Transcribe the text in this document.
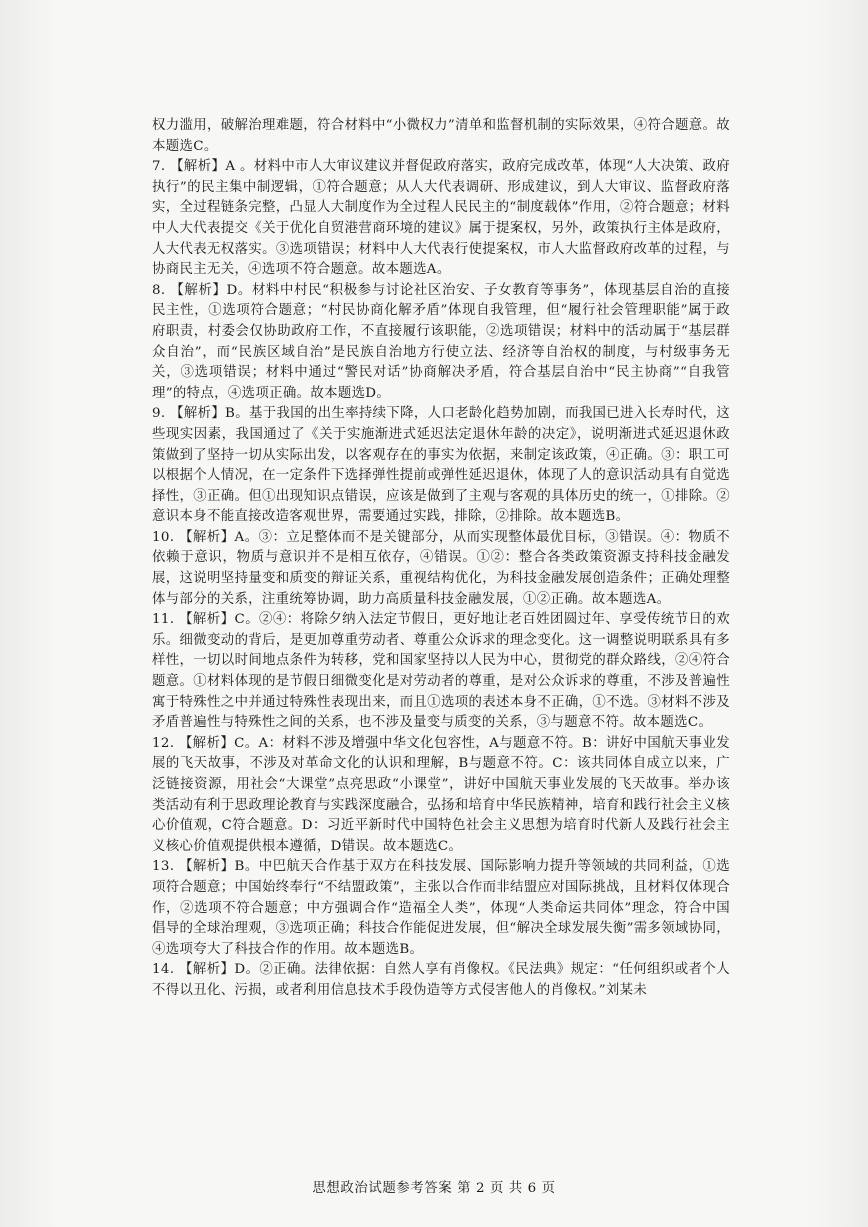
权力滥用，破解治理难题，符合材料中“小微权力”清单和监督机制的实际效果，④符合题意。故本题选C。

7. 【解析】A 。材料中市人大审议建议并督促政府落实，政府完成改革，体现“人大决策、政府执行”的民主集中制逻辑，①符合题意；从人大代表调研、形成建议，到人大审议、监督政府落实，全过程链条完整，凸显人大制度作为全过程人民民主的“制度载体”作用，②符合题意；材料中人大代表提交《关于优化自贸港营商环境的建议》属于提案权，另外，政策执行主体是政府，人大代表无权落实。③选项错误；材料中人大代表行使提案权，市人大监督政府改革的过程，与协商民主无关，④选项不符合题意。故本题选A。

8. 【解析】D。材料中村民“积极参与讨论社区治安、子女教育等事务”，体现基层自治的直接民主性，①选项符合题意；“村民协商化解矛盾”体现自我管理，但“履行社会管理职能”属于政府职责，村委会仅协助政府工作，不直接履行该职能，②选项错误；材料中的活动属于“基层群众自治”，而“民族区域自治”是民族自治地方行使立法、经济等自治权的制度，与村级事务无关，③选项错误；材料中通过“警民对话”协商解决矛盾，符合基层自治中“民主协商”“自我管理”的特点，④选项正确。故本题选D。

9. 【解析】B。基于我国的出生率持续下降，人口老龄化趋势加剧，而我国已进入长寿时代，这些现实因素，我国通过了《关于实施渐进式延迟法定退休年龄的决定》，说明渐进式延迟退休政策做到了坚持一切从实际出发，以客观存在的事实为依据，来制定该政策，④正确。③：职工可以根据个人情况，在一定条件下选择弹性提前或弹性延迟退休，体现了人的意识活动具有自觉选择性，③正确。但①出现知识点错误，应该是做到了主观与客观的具体历史的统一，①排除。②意识本身不能直接改造客观世界，需要通过实践，排除，②排除。故本题选B。

10. 【解析】A。③：立足整体而不是关键部分，从而实现整体最优目标，③错误。④：物质不依赖于意识，物质与意识并不是相互依存，④错误。①②：整合各类政策资源支持科技金融发展，这说明坚持量变和质变的辩证关系，重视结构优化，为科技金融发展创造条件；正确处理整体与部分的关系，注重统筹协调，助力高质量科技金融发展，①②正确。故本题选A。

11. 【解析】C。②④：将除夕纳入法定节假日，更好地让老百姓团圆过年、享受传统节日的欢乐。细微变动的背后，是更加尊重劳动者、尊重公众诉求的理念变化。这一调整说明联系具有多样性，一切以时间地点条件为转移，党和国家坚持以人民为中心，贯彻党的群众路线，②④符合题意。①材料体现的是节假日细微变化是对劳动者的尊重，是对公众诉求的尊重，不涉及普遍性寓于特殊性之中并通过特殊性表现出来，而且①选项的表述本身不正确，①不选。③材料不涉及矛盾普遍性与特殊性之间的关系，也不涉及量变与质变的关系，③与题意不符。故本题选C。

12. 【解析】C。A：材料不涉及增强中华文化包容性，A与题意不符。B：讲好中国航天事业发展的飞天故事，不涉及对革命文化的认识和理解，B与题意不符。C：该共同体自成立以来，广泛链接资源，用社会“大课堂”点亮思政“小课堂”，讲好中国航天事业发展的飞天故事。举办该类活动有利于思政理论教育与实践深度融合，弘扬和培育中华民族精神，培育和践行社会主义核心价值观，C符合题意。D：习近平新时代中国特色社会主义思想为培育时代新人及践行社会主义核心价值观提供根本遵循，D错误。故本题选C。

13. 【解析】B。中巴航天合作基于双方在科技发展、国际影响力提升等领域的共同利益，①选项符合题意；中国始终奉行“不结盟政策”，主张以合作而非结盟应对国际挑战，且材料仅体现合作，②选项不符合题意；中方强调合作“造福全人类”，体现“人类命运共同体”理念，符合中国倡导的全球治理观，③选项正确；科技合作能促进发展，但“解决全球发展失衡”需多领域协同，④选项夸大了科技合作的作用。故本题选B。

14. 【解析】D。②正确。法律依据：自然人享有肖像权。《民法典》规定：“任何组织或者个人不得以丑化、污损，或者利用信息技术手段伪造等方式侵害他人的肖像权。”刘某未

思想政治试题参考答案 第 2 页 共 6 页
